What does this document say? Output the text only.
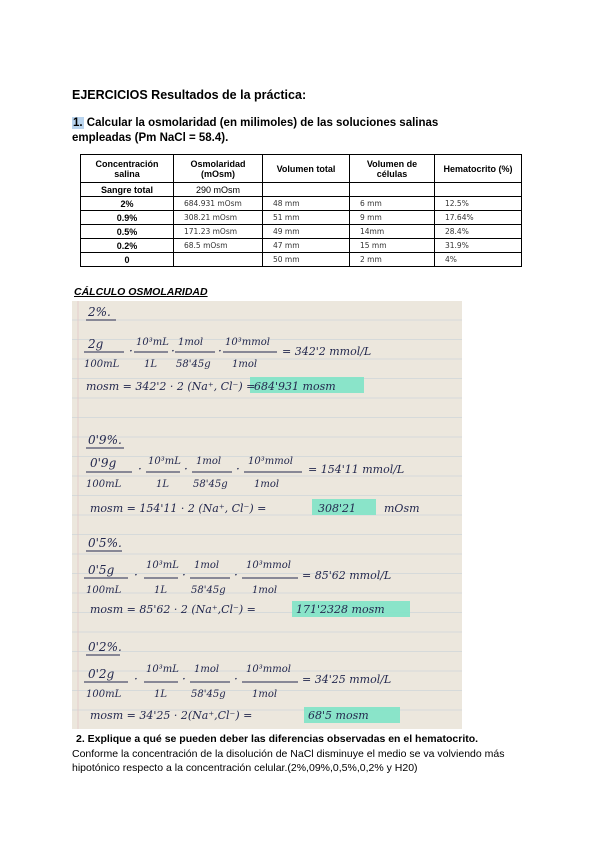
EJERCICIOS Resultados de la práctica:
1. Calcular la osmolaridad (en milimoles) de las soluciones salinas empleadas (Pm NaCl = 58.4).
Concentración salina	Osmolaridad (mOsm)	Volumen total	Volumen de células	Hematocrito (%)
Sangre total	290 mOsm			
2%	684.931 mOsm	48 mm	6 mm	12.5%
0.9%	308.21 mOsm	51 mm	9 mm	17.64%
0.5%	171.23 mOsm	49 mm	14mm	28.4%
0.2%	68.5 mOsm	47 mm	15 mm	31.9%
0		50 mm	2 mm	4%
CÁLCULO OSMOLARIDAD
2%.
2g
100mL
·
10³mL
1L
·
1mol
58'45g
·
10³mmol
1mol
= 342'2 mmol/L
mosm = 342'2 · 2 (Na⁺, Cl⁻) =
684'931 mosm
0'9%.
0'9g
100mL
·
10³mL
1L
·
1mol
58'45g
·
10³mmol
1mol
= 154'11 mmol/L
mosm = 154'11 · 2 (Na⁺, Cl⁻) =	308'21	mOsm
0'5%.
0'5g
100mL
·
10³mL
1L
·
1mol
58'45g
·
10³mmol
1mol
= 85'62 mmol/L
mosm = 85'62 · 2 (Na⁺,Cl⁻) =	171'2328 mosm
0'2%.
0'2g
100mL
·
10³mL
1L
·
1mol
58'45g
·
10³mmol
1mol
= 34'25 mmol/L
mosm = 34'25 · 2(Na⁺,Cl⁻) =	68'5 mosm
2. Explique a qué se pueden deber las diferencias observadas en el hematocrito.
Conforme la concentración de la disolución de NaCl disminuye el medio se va volviendo más hipotónico respecto a la concentración celular.(2%,09%,0,5%,0,2% y H20)
